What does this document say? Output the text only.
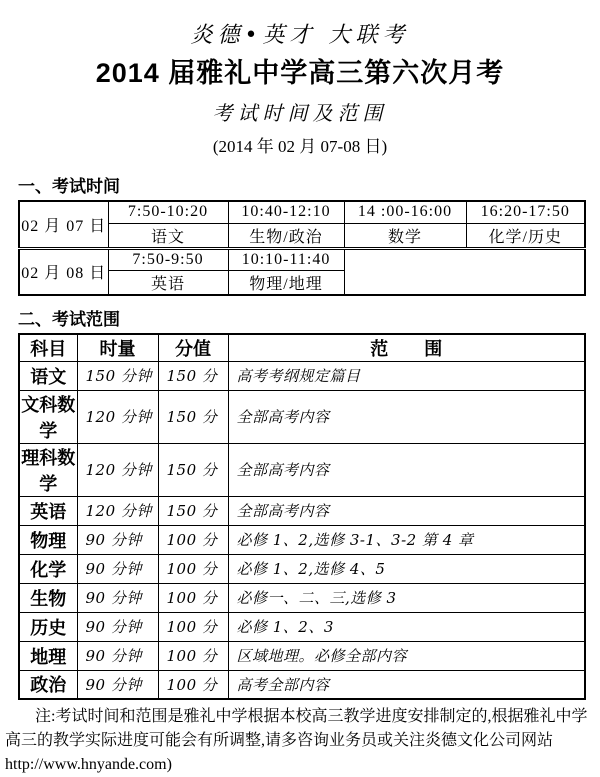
炎德•英才 大联考
2014 届雅礼中学高三第六次月考
考试时间及范围
(2014 年 02 月 07-08 日)
一、考试时间
02 月 07 日	7:50-10:20	10:40-12:10	14 :00-16:00	16:20-17:50
	语文	生物/政治	数学	化学/历史
02 月 08 日	7:50-9:50	10:10-11:40		
	英语	物理/地理		
二、考试范围
科目	时量	分值	范　　围
语文	150 分钟	150 分	高考考纲规定篇目
文科数学	120 分钟	150 分	全部高考内容
理科数学	120 分钟	150 分	全部高考内容
英语	120 分钟	150 分	全部高考内容
物理	90 分钟	100 分	必修 1、2,选修 3-1、3-2 第 4 章
化学	90 分钟	100 分	必修 1、2,选修 4、5
生物	90 分钟	100 分	必修一、二、三,选修 3
历史	90 分钟	100 分	必修 1、2、3
地理	90 分钟	100 分	区域地理。必修全部内容
政治	90 分钟	100 分	高考全部内容
注:考试时间和范围是雅礼中学根据本校高三教学进度安排制定的,根据雅礼中学
高三的教学实际进度可能会有所调整,请多咨询业务员或关注炎德文化公司网站
http://www.hnyande.com)
